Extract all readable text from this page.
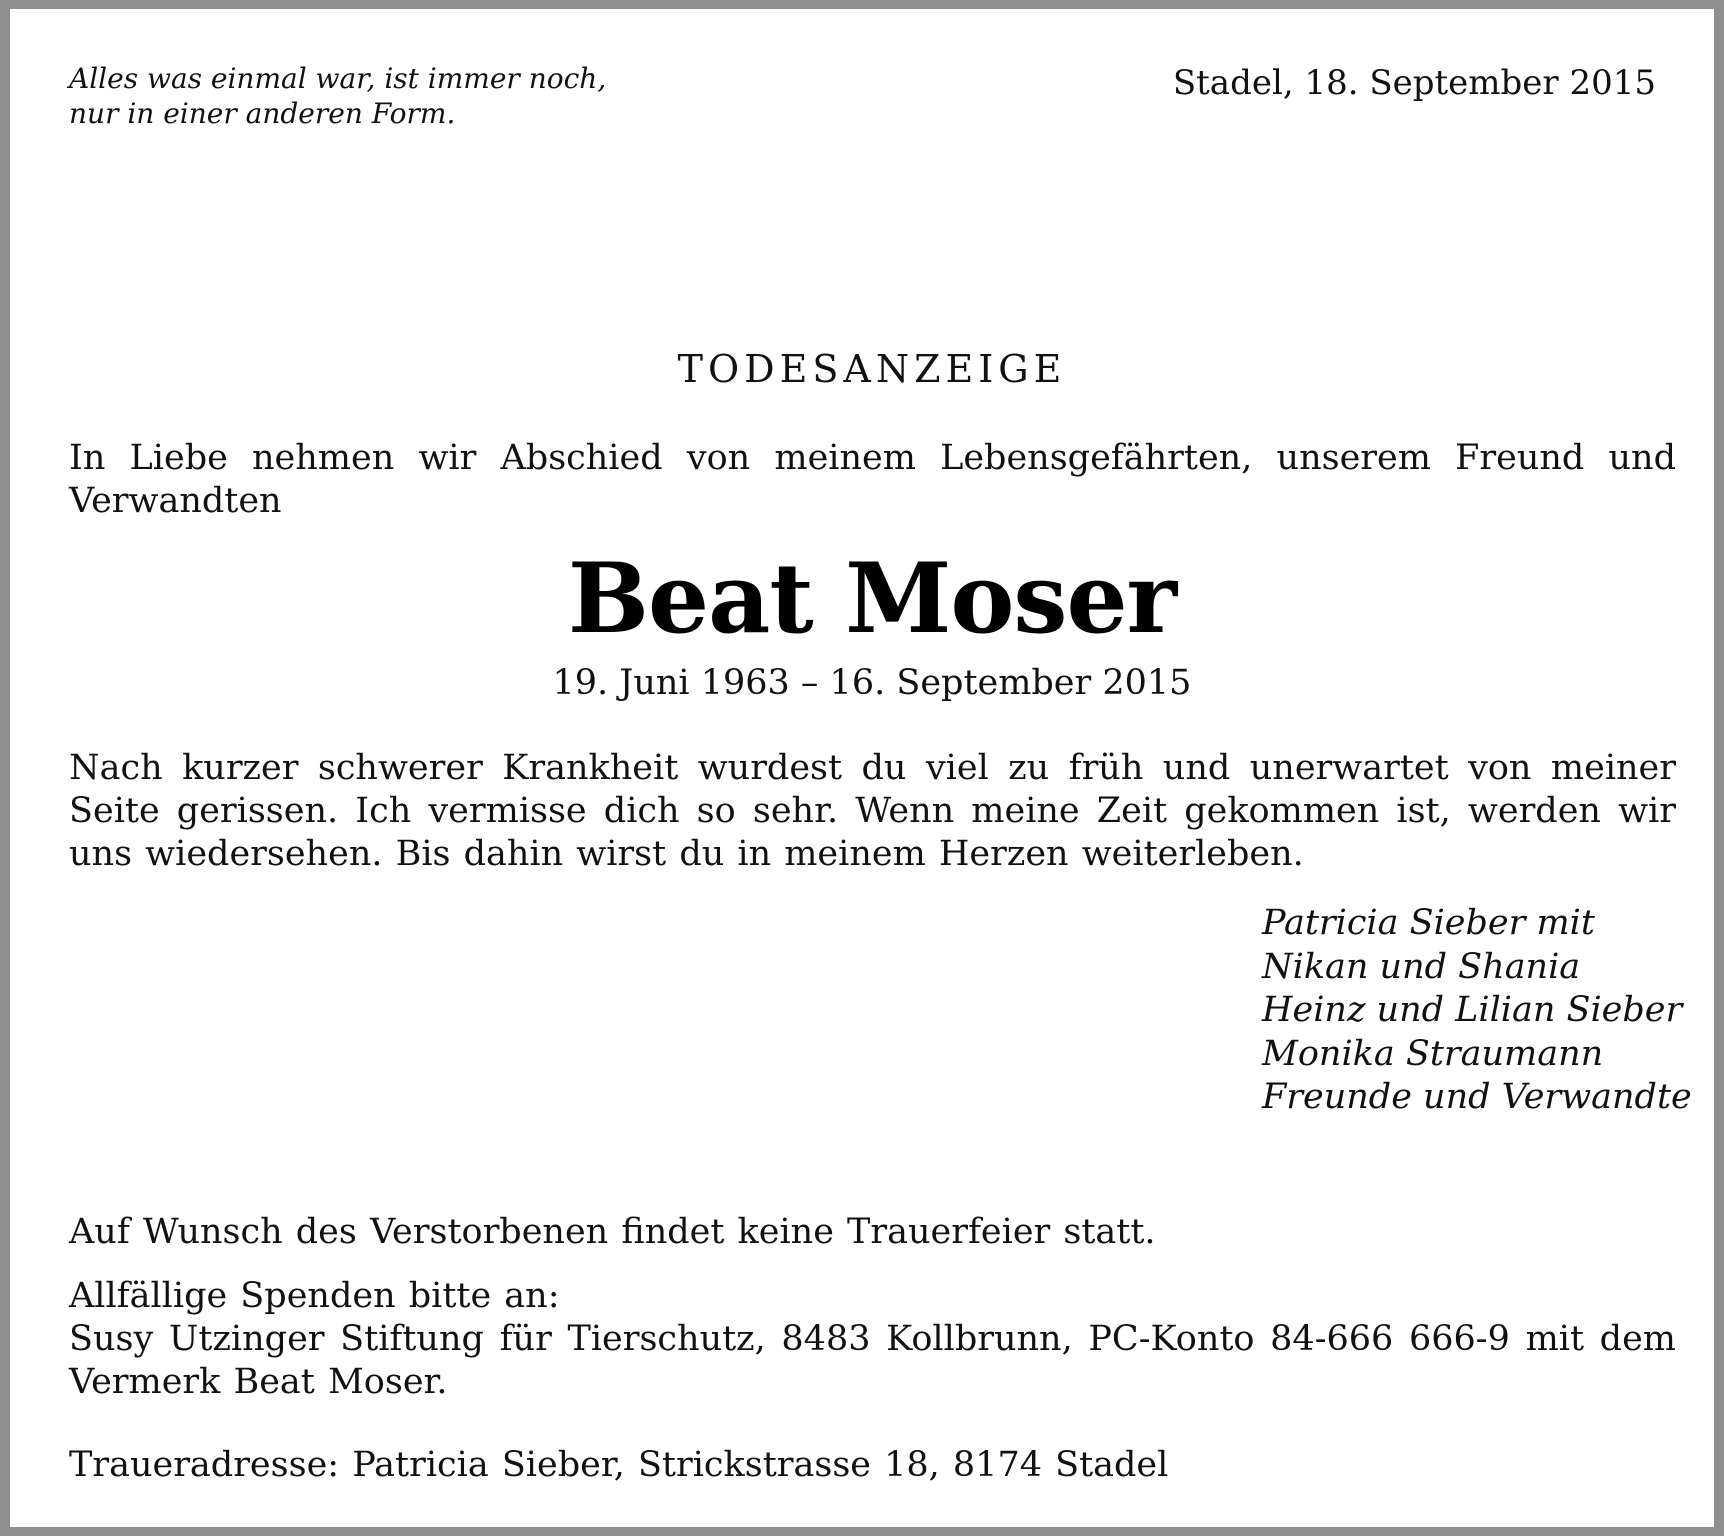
Alles was einmal war, ist immer noch,
nur in einer anderen Form.
Stadel, 18. September 2015
TODESANZEIGE
In Liebe nehmen wir Abschied von meinem Lebensgefährten, unserem Freund und Verwandten
Beat Moser
19. Juni 1963 – 16. September 2015
Nach kurzer schwerer Krankheit wurdest du viel zu früh und unerwartet von meiner Seite gerissen. Ich vermisse dich so sehr. Wenn meine Zeit gekommen ist, werden wir uns wiedersehen. Bis dahin wirst du in meinem Herzen weiterleben.
Patricia Sieber mit
Nikan und Shania
Heinz und Lilian Sieber
Monika Straumann
Freunde und Verwandte
Auf Wunsch des Verstorbenen findet keine Trauerfeier statt.
Allfällige Spenden bitte an:
Susy Utzinger Stiftung für Tierschutz, 8483 Kollbrunn, PC-Konto 84-666 666-9 mit dem Vermerk Beat Moser.
Traueradresse: Patricia Sieber, Strickstrasse 18, 8174 Stadel
